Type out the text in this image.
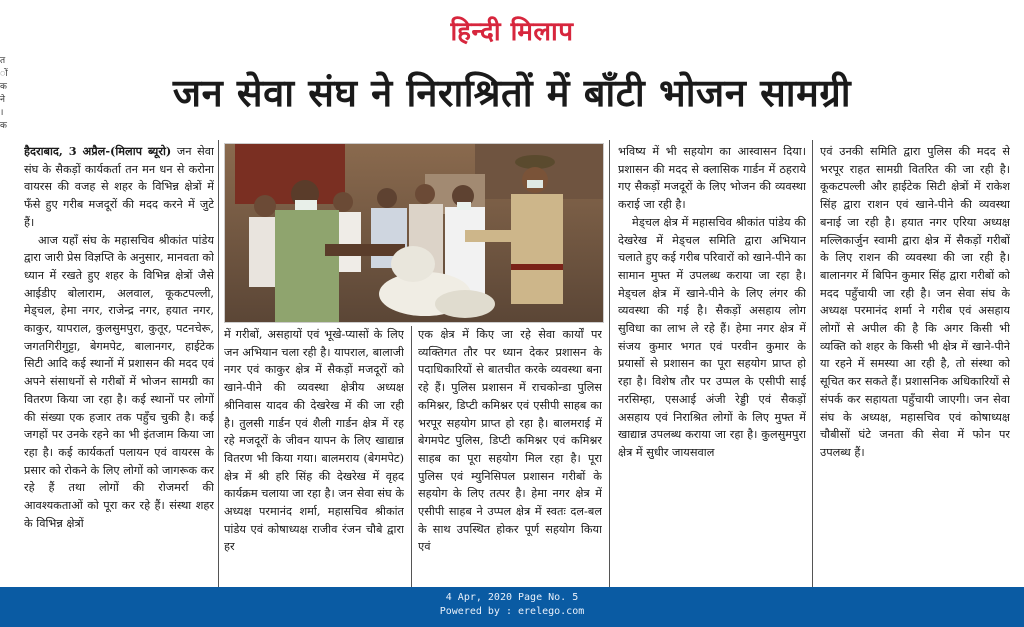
त
ों
क
ने
।
क
हिन्दी मिलाप
जन सेवा संघ ने निराश्रितों में बाँटी भोजन सामग्री

हैदराबाद, 3 अप्रैल-(मिलाप ब्यूरो) जन सेवा संघ के सैकड़ों कार्यकर्ता तन मन धन से करोना वायरस की वजह से शहर के विभिन्न क्षेत्रों में फँसे हुए गरीब मजदूरों की मदद करने में जुटे हैं।

आज यहाँ संघ के महासचिव श्रीकांत पांडेय द्वारा जारी प्रेस विज्ञप्ति के अनुसार, मानवता को ध्यान में रखते हुए शहर के विभिन्न क्षेत्रों जैसे आईडीए बोलाराम, अलवाल, कूकटपल्ली, मेड्चल, हेमा नगर, राजेन्द्र नगर, हयात नगर, काकुर, यापराल, कुलसुमपुरा, कुतूर, पटनचेरू, जगतगिरीगुट्टा, बेगमपेट, बालानगर, हाईटेक सिटी आदि कई स्थानों में प्रशासन की मदद एवं अपने संसाधनों से गरीबों में भोजन सामग्री का वितरण किया जा रहा है। कई स्थानों पर लोगों की संख्या एक हजार तक पहुँच चुकी है। कई जगहों पर उनके रहने का भी इंतजाम किया जा रहा है। कई कार्यकर्ता पलायन एवं वायरस के प्रसार को रोकने के लिए लोगों को जागरूक कर रहे हैं तथा लोगों की रोजमर्रा की आवश्यकताओं को पूरा कर रहे हैं। संस्था शहर के विभिन्न क्षेत्रों

में गरीबों, असहायों एवं भूखे-प्यासों के लिए जन अभियान चला रही है। यापराल, बालाजी नगर एवं काकुर क्षेत्र में सैकड़ों मजदूरों को खाने-पीने की व्यवस्था क्षेत्रीय अध्यक्ष श्रीनिवास यादव की देखरेख में की जा रही है। तुलसी गार्डन एवं शैली गार्डन क्षेत्र में रह रहे मजदूरों के जीवन यापन के लिए खाद्यान्न वितरण भी किया गया। बालमराय (बेगमपेट) क्षेत्र में श्री हरि सिंह की देखरेख में वृहद कार्यक्रम चलाया जा रहा है। जन सेवा संघ के अध्यक्ष परमानंद शर्मा, महासचिव श्रीकांत पांडेय एवं कोषाध्यक्ष राजीव रंजन चौबे द्वारा हर

एक क्षेत्र में किए जा रहे सेवा कार्यों पर व्यक्तिगत तौर पर ध्यान देकर प्रशासन के पदाधिकारियों से बातचीत करके व्यवस्था बना रहे हैं। पुलिस प्रशासन में राचकोन्डा पुलिस कमिश्नर, डिप्टी कमिश्नर एवं एसीपी साहब का भरपूर सहयोग प्राप्त हो रहा है। बालमराई में बेगमपेट पुलिस, डिप्टी कमिश्नर एवं कमिश्नर साहब का पूरा सहयोग मिल रहा है। पूरा पुलिस एवं म्युनिसिपल प्रशासन गरीबों के सहयोग के लिए तत्पर है। हेमा नगर क्षेत्र में एसीपी साहब ने उप्पल क्षेत्र में स्वतः दल-बल के साथ उपस्थित होकर पूर्ण सहयोग किया एवं

भविष्य में भी सहयोग का आस्वासन दिया। प्रशासन की मदद से क्लासिक गार्डन में ठहराये गए सैकड़ों मजदूरों के लिए भोजन की व्यवस्था कराई जा रही है।

मेड्चल क्षेत्र में महासचिव श्रीकांत पांडेय की देखरेख में मेड्चल समिति द्वारा अभियान चलाते हुए कई गरीब परिवारों को खाने-पीने का सामान मुफ्त में उपलब्ध कराया जा रहा है। मेड्चल क्षेत्र में खाने-पीने के लिए लंगर की व्यवस्था की गई है। सैकड़ों असहाय लोग सुविधा का लाभ ले रहे हैं। हेमा नगर क्षेत्र में संजय कुमार भगत एवं परवीन कुमार के प्रयासों से प्रशासन का पूरा सहयोग प्राप्त हो रहा है। विशेष तौर पर उप्पल के एसीपी साई नरसिम्हा, एसआई अंजी रेड्डी एवं सैकड़ों असहाय एवं निराश्रित लोगों के लिए मुफ्त में खाद्यान्न उपलब्ध कराया जा रहा है। कुलसुमपुरा क्षेत्र में सुधीर जायसवाल

एवं उनकी समिति द्वारा पुलिस की मदद से भरपूर राहत सामग्री वितरित की जा रही है। कूकटपल्ली और हाईटेक सिटी क्षेत्रों में राकेश सिंह द्वारा राशन एवं खाने-पीने की व्यवस्था बनाई जा रही है। हयात नगर एरिया अध्यक्ष मल्लिकार्जुन स्वामी द्वारा क्षेत्र में सैकड़ों गरीबों के लिए राशन की व्यवस्था की जा रही है। बालानगर में बिपिन कुमार सिंह द्वारा गरीबों को मदद पहुँचायी जा रही है। जन सेवा संघ के अध्यक्ष परमानंद शर्मा ने गरीब एवं असहाय लोगों से अपील की है कि अगर किसी भी व्यक्ति को शहर के किसी भी क्षेत्र में खाने-पीने या रहने में समस्या आ रही है, तो संस्था को सूचित कर सकते हैं। प्रशासनिक अधिकारियों से संपर्क कर सहायता पहुँचायी जाएगी। जन सेवा संघ के अध्यक्ष, महासचिव एवं कोषाध्यक्ष चौबीसों घंटे जनता की सेवा में फोन पर उपलब्ध हैं।

4 Apr, 2020 Page No. 5
Powered by : erelego.com
